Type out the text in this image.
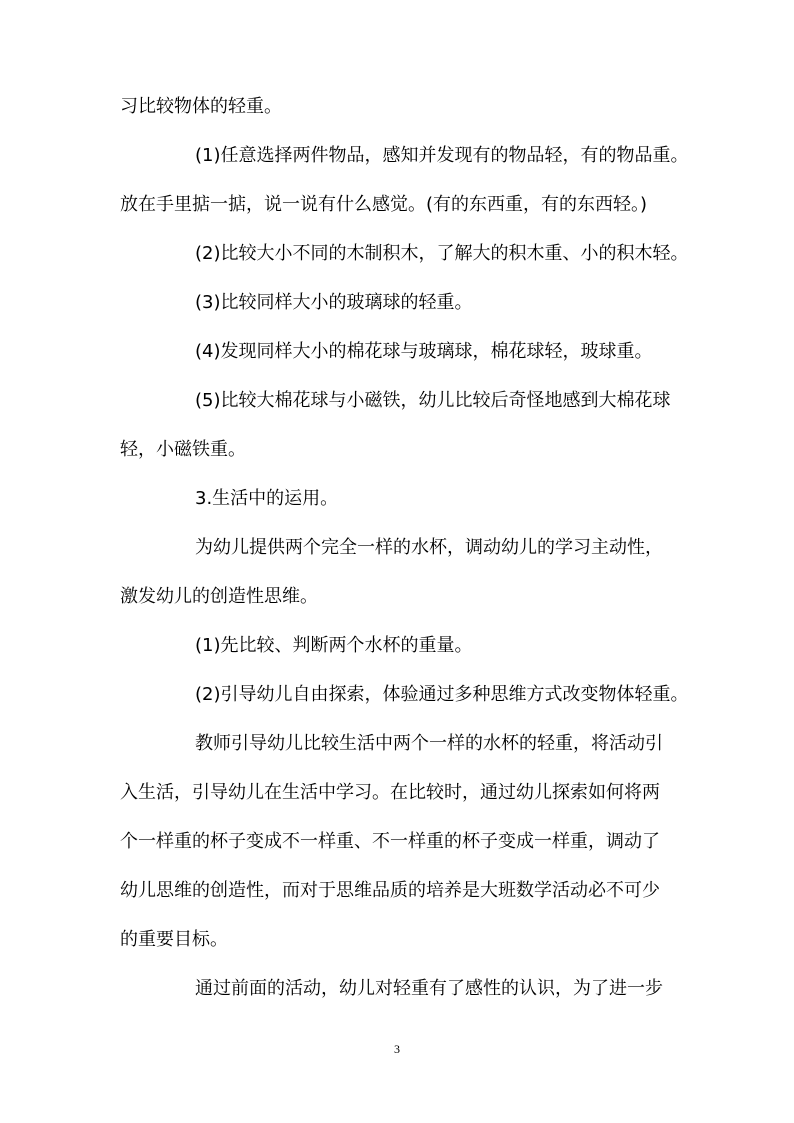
习比较物体的轻重。
(1)任意选择两件物品，感知并发现有的物品轻，有的物品重。
放在手里掂一掂，说一说有什么感觉。(有的东西重，有的东西轻。)
(2)比较大小不同的木制积木，了解大的积木重、小的积木轻。
(3)比较同样大小的玻璃球的轻重。
(4)发现同样大小的棉花球与玻璃球，棉花球轻，玻球重。
(5)比较大棉花球与小磁铁，幼儿比较后奇怪地感到大棉花球
轻，小磁铁重。
3.生活中的运用。
为幼儿提供两个完全一样的水杯，调动幼儿的学习主动性，
激发幼儿的创造性思维。
(1)先比较、判断两个水杯的重量。
(2)引导幼儿自由探索，体验通过多种思维方式改变物体轻重。
教师引导幼儿比较生活中两个一样的水杯的轻重，将活动引
入生活，引导幼儿在生活中学习。在比较时，通过幼儿探索如何将两
个一样重的杯子变成不一样重、不一样重的杯子变成一样重，调动了
幼儿思维的创造性，而对于思维品质的培养是大班数学活动必不可少
的重要目标。
通过前面的活动，幼儿对轻重有了感性的认识，为了进一步
3
